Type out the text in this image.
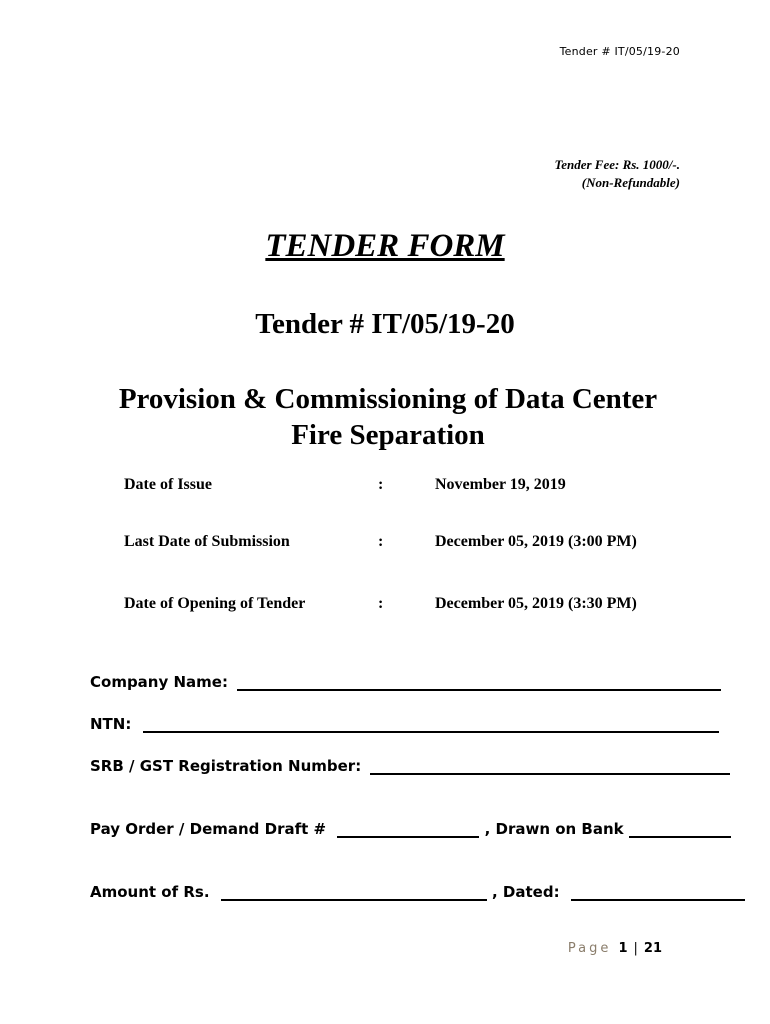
Tender # IT/05/19-20
Tender Fee: Rs. 1000/-.
(Non-Refundable)
TENDER FORM
Tender # IT/05/19-20
Provision & Commissioning of Data Center
Fire Separation
Date of Issue	:	November 19, 2019
Last Date of Submission	:	December 05, 2019 (3:00 PM)
Date of Opening of Tender	:	December 05, 2019 (3:30 PM)
Company Name:
NTN:
SRB / GST Registration Number:
Pay Order / Demand Draft #	, Drawn on Bank
Amount of Rs.	, Dated:
Page 1 | 21
